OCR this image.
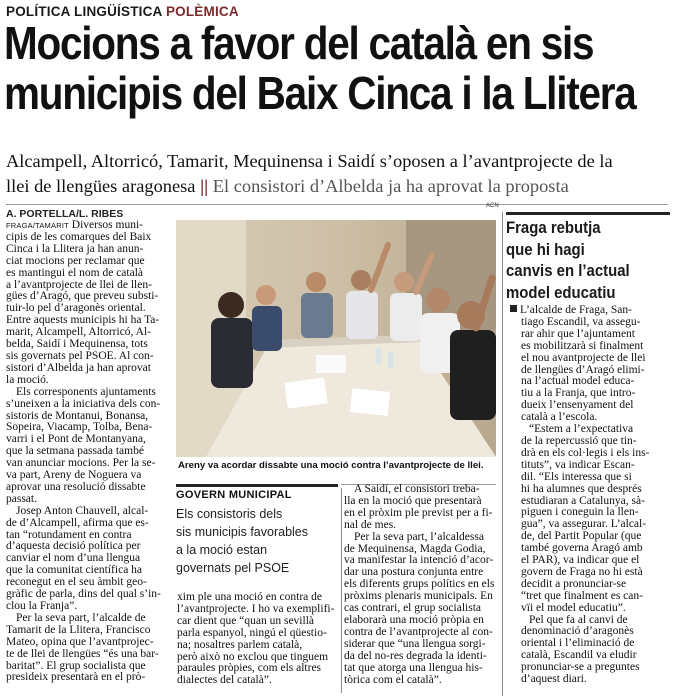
POLÍTICA LINGÜÍSTICA POLÈMICA
Mocions a favor del català en sis
municipis del Baix Cinca i la Llitera
Alcampell, Altorricó, Tamarit, Mequinensa i Saidí s’oposen a l’avantprojecte de la
llei de llengües aragonesa || El consistori d’Albelda ja ha aprovat la proposta
A. PORTELLA/L. RIBES
ACN
FRAGA/TAMARIT Diversos muni-
cipis de les comarques del Baix
Cinca i la Llitera ja han anun-
ciat mocions per reclamar que
es mantingui el nom de català
a l’avantprojecte de llei de llen-
gües d’Aragó, que preveu substi-
tuir-lo pel d’aragonès oriental.
Entre aquests municipis hi ha Ta-
marit, Alcampell, Altorricó, Al-
belda, Saidí i Mequinensa, tots
sis governats pel PSOE. Al con-
sistori d’Albelda ja han aprovat
la moció.
Els corresponents ajuntaments
s’uneixen a la iniciativa dels con-
sistoris de Montanui, Bonansa,
Sopeira, Viacamp, Tolba, Bena-
varri i el Pont de Montanyana,
que la setmana passada també
van anunciar mocions. Per la se-
va part, Areny de Noguera va
aprovar una resolució dissabte
passat.
Josep Anton Chauvell, alcal-
de d’Alcampell, afirma que es-
tan “rotundament en contra
d’aquesta decisió política per
canviar el nom d’una llengua
que la comunitat científica ha
reconegut en el seu àmbit geo-
gràfic de parla, dins del qual s’in-
clou la Franja”.
Per la seva part, l’alcalde de
Tamarit de la Llitera, Francisco
Mateo, opina que l’avantprojec-
te de llei de llengües “és una bar-
baritat”. El grup socialista que
presideix presentarà en el prò-
Areny va acordar dissabte una moció contra l’avantprojecte de llei.
GOVERN MUNICIPAL
Els consistoris dels
sis municipis favorables
a la moció estan
governats pel PSOE
xim ple una moció en contra de
l’avantprojecte. I ho va exemplifi-
car dient que “quan un sevillà
parla espanyol, ningú el qüestio-
na; nosaltres parlem català,
però això no exclou que tinguem
paraules pròpies, com els altres
dialectes del català”.
A Saidí, el consistori treba-
lla en la moció que presentarà
en el pròxim ple previst per a fi-
nal de mes.
Per la seva part, l’alcaldessa
de Mequinensa, Magda Godia,
va manifestar la intenció d’acor-
dar una postura conjunta entre
els diferents grups polítics en els
pròxims plenaris municipals. En
cas contrari, el grup socialista
elaborarà una moció pròpia en
contra de l’avantprojecte al con-
siderar que “una llengua sorgi-
da del no-res degrada la identi-
tat que atorga una llengua his-
tòrica com el català”.
Fraga rebutja
que hi hagi
canvis en l’actual
model educatiu
L’alcalde de Fraga, San-
tiago Escandil, va assegu-
rar ahir que l’ajuntament
es mobilitzarà si finalment
el nou avantprojecte de llei
de llengües d’Aragó elimi-
na l’actual model educa-
tiu a la Franja, que intro-
dueix l’ensenyament del
català a l’escola.
“Estem a l’expectativa
de la repercussió que tin-
drà en els col·legis i els ins-
tituts”, va indicar Escan-
dil. “Els interessa que si
hi ha alumnes que després
estudiaran a Catalunya, sà-
piguen i coneguin la llen-
gua”, va assegurar. L’alcal-
de, del Partit Popular (que
també governa Aragó amb
el PAR), va indicar que el
govern de Fraga no hi està
decidit a pronunciar-se
“tret que finalment es can-
vïi el model educatiu”.
Pel que fa al canvi de
denominació d’aragonès
oriental i l’eliminació de
català, Escandil va eludir
pronunciar-se a preguntes
d’aquest diari.
